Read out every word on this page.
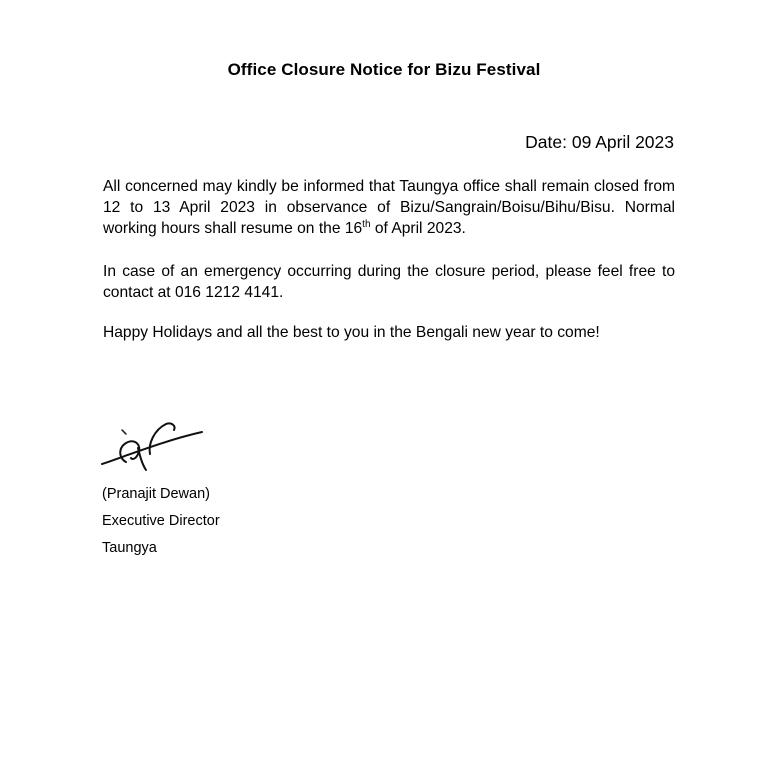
Office Closure Notice for Bizu Festival
Date: 09 April 2023
All concerned may kindly be informed that Taungya office shall remain closed from 12 to 13 April 2023 in observance of Bizu/Sangrain/Boisu/Bihu/Bisu. Normal working hours shall resume on the 16th of April 2023.
In case of an emergency occurring during the closure period, please feel free to contact at 016 1212 4141.
Happy Holidays and all the best to you in the Bengali new year to come!
(Pranajit Dewan)
Executive Director
Taungya
